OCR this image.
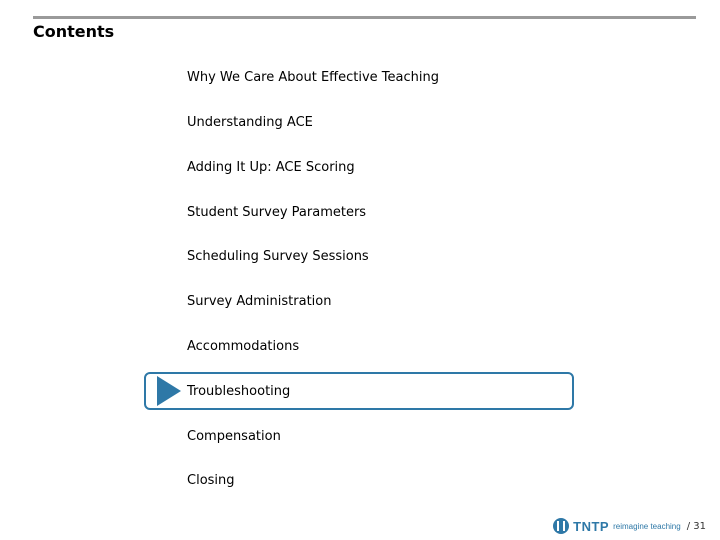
Contents
Why We Care About Effective Teaching
Understanding ACE
Adding It Up: ACE Scoring
Student Survey Parameters
Scheduling Survey Sessions
Survey Administration
Accommodations
Troubleshooting
Compensation
Closing
TNTP reimagine teaching / 31
